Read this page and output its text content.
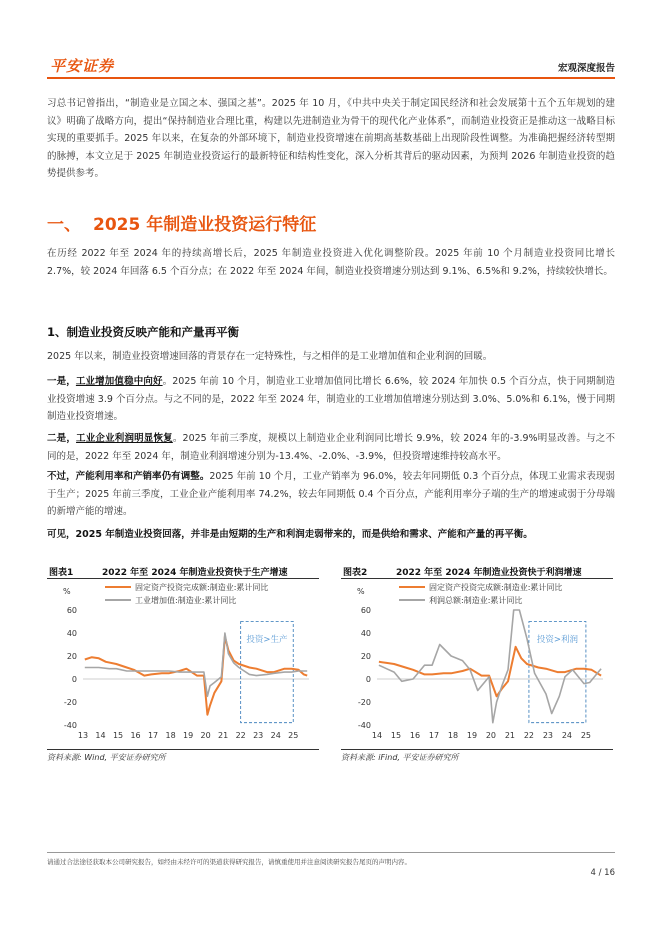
平安证券	宏观深度报告

习总书记曾指出，“制造业是立国之本、强国之基”。2025 年 10 月，《中共中央关于制定国民经济和社会发展第十五个五年规划的建议》明确了战略方向，提出“保持制造业合理比重，构建以先进制造业为骨干的现代化产业体系”，而制造业投资正是推动这一战略目标实现的重要抓手。2025 年以来，在复杂的外部环境下，制造业投资增速在前期高基数基础上出现阶段性调整。为准确把握经济转型期的脉搏，本文立足于 2025 年制造业投资运行的最新特征和结构性变化，深入分析其背后的驱动因素，为预判 2026 年制造业投资的趋势提供参考。

一、 2025 年制造业投资运行特征

在历经 2022 年至 2024 年的持续高增长后，2025 年制造业投资进入优化调整阶段。2025 年前 10 个月制造业投资同比增长 2.7%，较 2024 年回落 6.5 个百分点；在 2022 年至 2024 年间，制造业投资增速分别达到 9.1%、6.5%和 9.2%，持续较快增长。

1、制造业投资反映产能和产量再平衡

2025 年以来，制造业投资增速回落的背景存在一定特殊性，与之相伴的是工业增加值和企业利润的回暖。

一是，工业增加值稳中向好。2025 年前 10 个月，制造业工业增加值同比增长 6.6%，较 2024 年加快 0.5 个百分点，快于同期制造业投资增速 3.9 个百分点。与之不同的是，2022 年至 2024 年，制造业的工业增加值增速分别达到 3.0%、5.0%和 6.1%，慢于同期制造业投资增速。

二是，工业企业利润明显恢复。2025 年前三季度，规模以上制造业企业利润同比增长 9.9%，较 2024 年的-3.9%明显改善。与之不同的是，2022 年至 2024 年，制造业利润增速分别为-13.4%、-2.0%、-3.9%，但投资增速维持较高水平。

不过，产能利用率和产销率仍有调整。2025 年前 10 个月，工业产销率为 96.0%，较去年同期低 0.3 个百分点，体现工业需求表现弱于生产；2025 年前三季度，工业企业产能利用率 74.2%，较去年同期低 0.4 个百分点，产能利用率分子端的生产的增速或弱于分母端的新增产能的增速。

可见，2025 年制造业投资回落，并非是由短期的生产和利润走弱带来的，而是供给和需求、产能和产量的再平衡。

图表1	2022 年至 2024 年制造业投资快于生产增速
%
60
40
20
0
-20
-40
13 14 15 16 17 18 19 20 21 22 23 24 25
投资>生产
固定资产投资完成额:制造业:累计同比
工业增加值:制造业:累计同比
资料来源: Wind, 平安证券研究所
图表2	2022 年至 2024 年制造业投资快于利润增速
%
60
40
20
0
-20
-40
14 15 16 17 18 19 20 21 22 23 24 25
投资>利润
固定资产投资完成额:制造业:累计同比
利润总额:制造业:累计同比
资料来源: iFind, 平安证券研究所
请通过合法途径获取本公司研究报告，如经由未经许可的渠道获得研究报告，请慎重使用并注意阅读研究报告尾页的声明内容。
4 / 16
